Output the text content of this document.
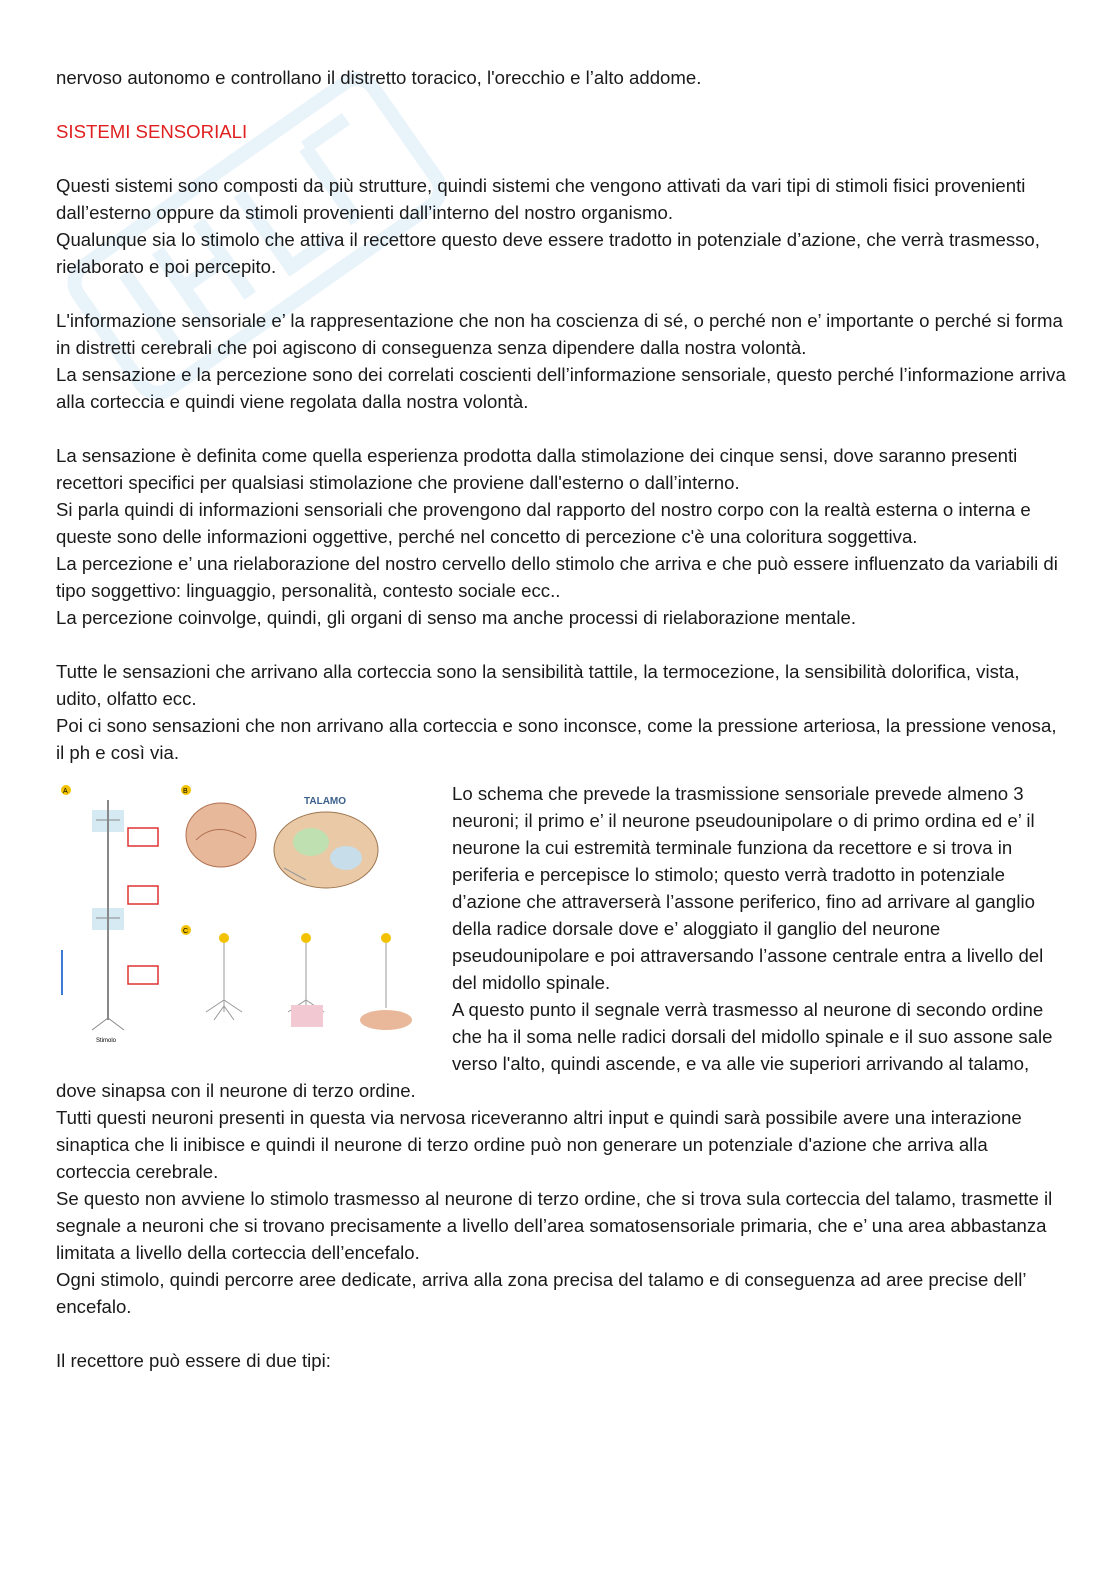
nervoso autonomo e controllano il distretto toracico, l'orecchio e l’alto addome.

SISTEMI SENSORIALI

Questi sistemi sono composti da più strutture, quindi sistemi che vengono attivati da vari tipi di stimoli fisici provenienti dall’esterno oppure da stimoli provenienti dall’interno del nostro organismo.

Qualunque sia lo stimolo che attiva il recettore questo deve essere tradotto in potenziale d’azione, che verrà trasmesso, rielaborato e poi percepito.

L'informazione sensoriale e’ la rappresentazione che non ha coscienza di sé, o perché non e’ importante o perché si forma in distretti cerebrali che poi agiscono di conseguenza senza dipendere dalla nostra volontà.

La sensazione e la percezione sono dei correlati coscienti dell’informazione sensoriale, questo perché l’informazione arriva alla corteccia e quindi viene regolata dalla nostra volontà.

La sensazione è definita come quella esperienza prodotta dalla stimolazione dei cinque sensi, dove saranno presenti recettori specifici per qualsiasi stimolazione che proviene dall'esterno o dall’interno.

Si parla quindi di informazioni sensoriali che provengono dal rapporto del nostro corpo con la realtà esterna o interna e queste sono delle informazioni oggettive, perché nel concetto di percezione c'è una coloritura soggettiva.

La percezione e’ una rielaborazione del nostro cervello dello stimolo che arriva e che può essere influenzato da variabili di tipo soggettivo: linguaggio, personalità, contesto sociale ecc..

La percezione coinvolge, quindi, gli organi di senso ma anche processi di rielaborazione mentale.

Tutte le sensazioni che arrivano alla corteccia sono la sensibilità tattile, la termocezione, la sensibilità dolorifica, vista, udito, olfatto ecc.

Poi ci sono sensazioni che non arrivano alla corteccia e sono inconsce, come la pressione arteriosa, la pressione venosa, il ph e così via.

A
Stimolo
B
TALAMO
C

Lo schema che prevede la trasmissione sensoriale prevede almeno 3 neuroni; il primo e’ il neurone pseudounipolare o di primo ordina ed e’ il neurone la cui estremità terminale funziona da recettore e si trova in periferia e percepisce lo stimolo; questo verrà tradotto in potenziale d’azione che attraverserà l’assone periferico, fino ad arrivare al ganglio della radice dorsale dove e’ aloggiato il ganglio del neurone pseudounipolare e poi attraversando l’assone centrale entra a livello del del midollo spinale.

A questo punto il segnale verrà trasmesso al neurone di secondo ordine che ha il soma nelle radici dorsali del midollo spinale e il suo assone sale verso l'alto, quindi ascende, e va alle vie superiori arrivando al talamo, dove sinapsa con il neurone di terzo ordine.

Tutti questi neuroni presenti in questa via nervosa riceveranno altri input e quindi sarà possibile avere una interazione sinaptica che li inibisce e quindi il neurone di terzo ordine può non generare un potenziale d'azione che arriva alla corteccia cerebrale.

Se questo non avviene lo stimolo trasmesso al neurone di terzo ordine, che si trova sula corteccia del talamo, trasmette il segnale a neuroni che si trovano precisamente a livello dell’area somatosensoriale primaria, che e’ una area abbastanza limitata a livello della corteccia dell’encefalo.

Ogni stimolo, quindi percorre aree dedicate, arriva alla zona precisa del talamo e di conseguenza ad aree precise dell’ encefalo.

Il recettore può essere di due tipi:
